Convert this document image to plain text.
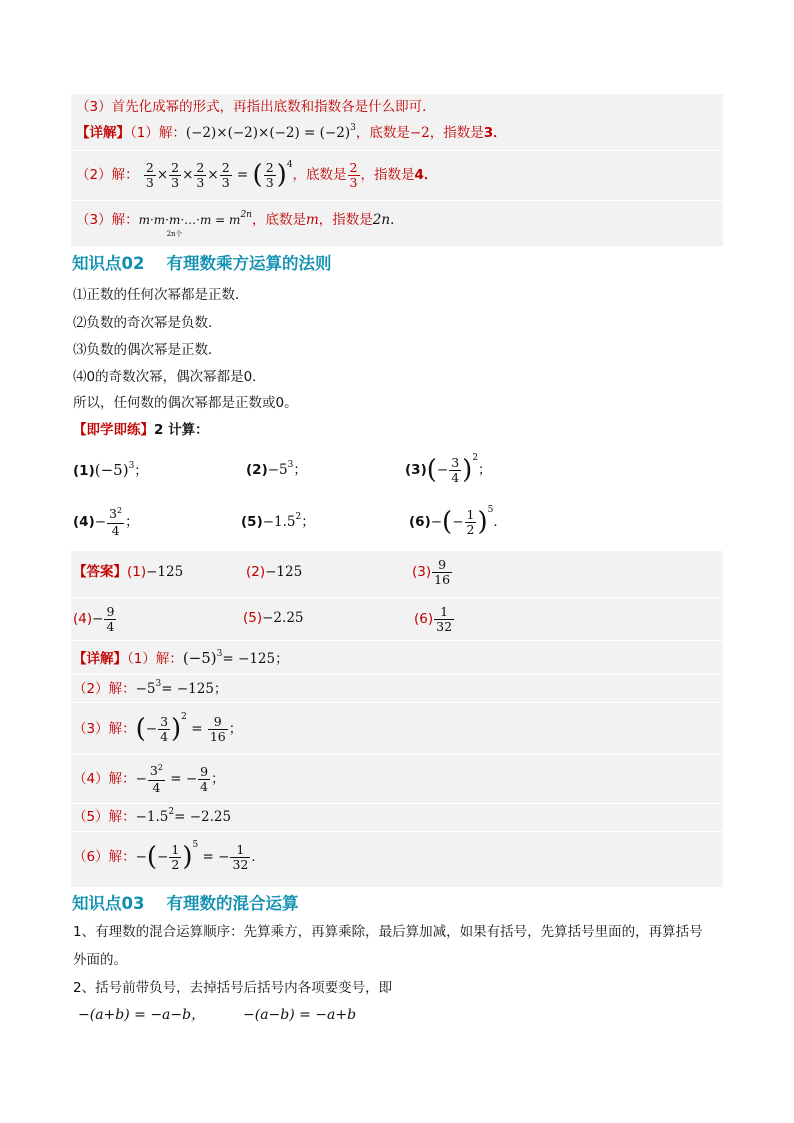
（3）首先化成幂的形式，再指出底数和指数各是什么即可．
【详解】（1）解：$(-2)\times(-2)\times(-2) = (-2)^3$，底数是−2，指数是3．
（2）解： $\frac{2}{3} \times \frac{2}{3} \times \frac{2}{3} \times \frac{2}{3}$ = ( $\frac{2}{3} )^4$，底数是 $\frac{2}{3}$ ，指数是4．
（3）解：m·m·m·…·m = $m^{2n}$
2n个
，底数是m，指数是2n．
知识点02 有理数乘方运算的法则
⑴正数的任何次幂都是正数．
⑵负数的奇次幂是负数．
⑶负数的偶次幂是正数．
⑷0的奇数次幂，偶次幂都是0．
所以，任何数的偶次幂都是正数或0。
【即学即练】2 计算：
$(1)(-5)^3$；	$(2)-5^3$；	$(3)(- \frac{3}{4} )^2$；
$(4)- \frac{3^2}{4}$ ；	$(5)-1.5^2$；	$(6)-(- \frac{1}{2} )^5$．
【答案】(1)−125	(2)−125	$(3) \frac{9}{16}$
$(4)- \frac{9}{4}$	(5)−2.25	$(6) \frac{1}{32}$
【详解】（1）解：$(-5)^3= -125$；
（2）解：$-5^3= -125$；
（3）解：(− $\frac{3}{4} )^2 = \frac{9}{16}$ ；
（4）解：− $\frac{3^2}{4}$ = − $\frac{9}{4}$ ；
（5）解：$-1.5^2= -2.25$
（6）解：−(− $\frac{1}{2} )^5$ = − $\frac{1}{32}$ ．
知识点03 有理数的混合运算
1、有理数的混合运算顺序：先算乘方，再算乘除，最后算加减，如果有括号，先算括号里面的，再算括号
外面的。
2、括号前带负号，去掉括号后括号内各项要变号，即
−(a+b) = −a−b，	−(a−b) = −a+b
